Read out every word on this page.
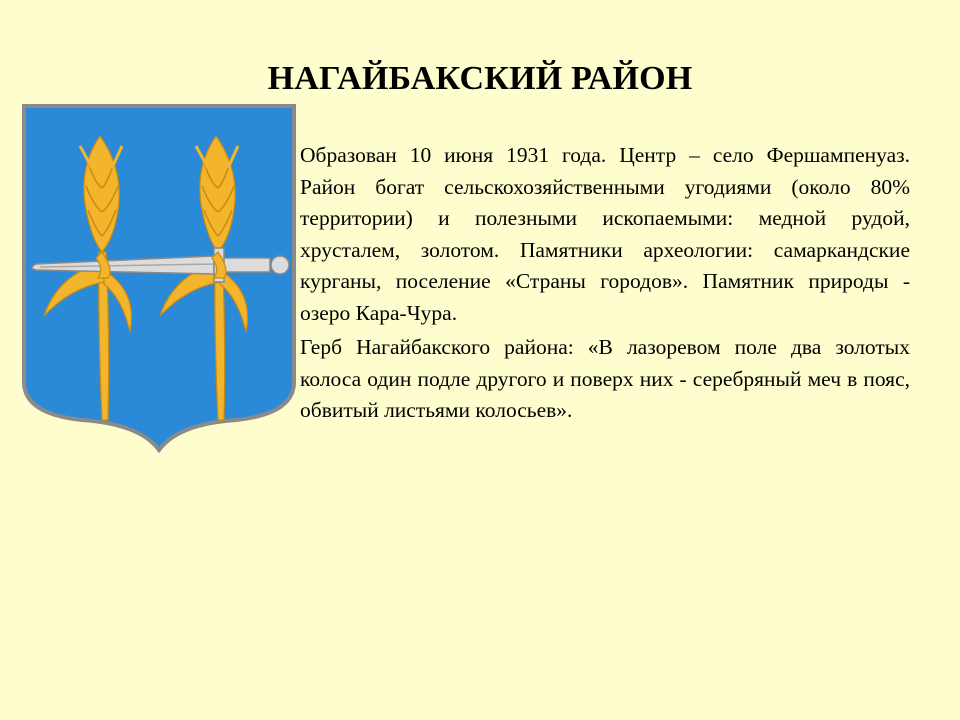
НАГАЙБАКСКИЙ РАЙОН

Образован 10 июня 1931 года. Центр – село Фершампенуаз. Район богат сельскохозяйственными угодиями (около 80% территории) и полезными ископаемыми: медной рудой, хрусталем, золотом. Памятники археологии: самаркандские курганы, поселение «Страны городов». Памятник природы - озеро Кара-Чура.

Герб Нагайбакского района: «В лазоревом поле два золотых колоса один подле другого и поверх них - серебряный меч в пояс, обвитый листьями колосьев».
